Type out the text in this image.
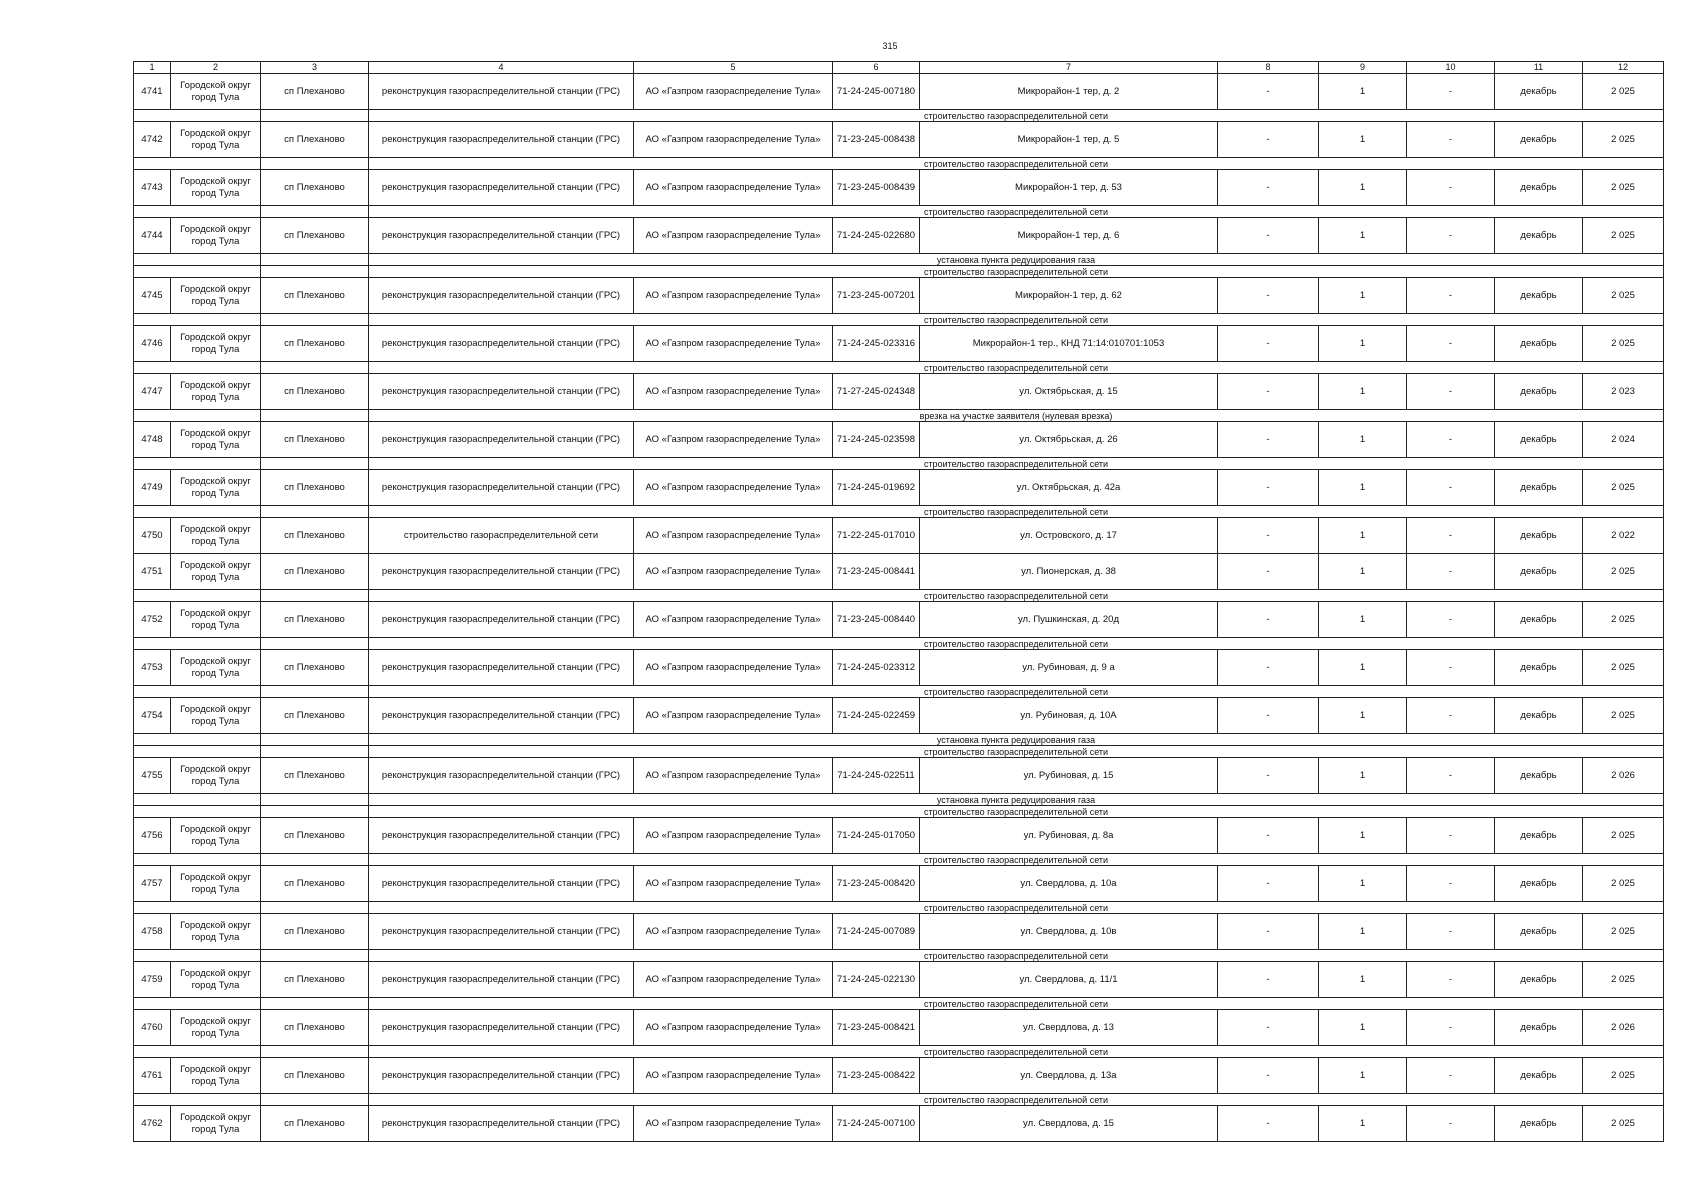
315
1	2	3	4	5	6	7	8	9	10	11	12
4741	Городской округ город Тула	сп Плеханово	реконструкция газораспределительной станции (ГРС)	АО «Газпром газораспределение Тула»	71-24-245-007180	Микрорайон-1 тер, д. 2	-	1	-	декабрь	2 025
			строительство газораспределительной сети								
4742	Городской округ город Тула	сп Плеханово	реконструкция газораспределительной станции (ГРС)	АО «Газпром газораспределение Тула»	71-23-245-008438	Микрорайон-1 тер, д. 5	-	1	-	декабрь	2 025
			строительство газораспределительной сети								
4743	Городской округ город Тула	сп Плеханово	реконструкция газораспределительной станции (ГРС)	АО «Газпром газораспределение Тула»	71-23-245-008439	Микрорайон-1 тер, д. 53	-	1	-	декабрь	2 025
			строительство газораспределительной сети								
4744	Городской округ город Тула	сп Плеханово	реконструкция газораспределительной станции (ГРС)	АО «Газпром газораспределение Тула»	71-24-245-022680	Микрорайон-1 тер, д. 6	-	1	-	декабрь	2 025
			установка пункта редуцирования газа								
			строительство газораспределительной сети								
4745	Городской округ город Тула	сп Плеханово	реконструкция газораспределительной станции (ГРС)	АО «Газпром газораспределение Тула»	71-23-245-007201	Микрорайон-1 тер, д. 62	-	1	-	декабрь	2 025
			строительство газораспределительной сети								
4746	Городской округ город Тула	сп Плеханово	реконструкция газораспределительной станции (ГРС)	АО «Газпром газораспределение Тула»	71-24-245-023316	Микрорайон-1 тер., КНД 71:14:010701:1053	-	1	-	декабрь	2 025
			строительство газораспределительной сети								
4747	Городской округ город Тула	сп Плеханово	реконструкция газораспределительной станции (ГРС)	АО «Газпром газораспределение Тула»	71-27-245-024348	ул. Октябрьская, д. 15	-	1	-	декабрь	2 023
			врезка на участке заявителя (нулевая врезка)								
4748	Городской округ город Тула	сп Плеханово	реконструкция газораспределительной станции (ГРС)	АО «Газпром газораспределение Тула»	71-24-245-023598	ул. Октябрьская, д. 26	-	1	-	декабрь	2 024
			строительство газораспределительной сети								
4749	Городской округ город Тула	сп Плеханово	реконструкция газораспределительной станции (ГРС)	АО «Газпром газораспределение Тула»	71-24-245-019692	ул. Октябрьская, д. 42а	-	1	-	декабрь	2 025
			строительство газораспределительной сети								
4750	Городской округ город Тула	сп Плеханово	строительство газораспределительной сети	АО «Газпром газораспределение Тула»	71-22-245-017010	ул. Островского, д. 17	-	1	-	декабрь	2 022
4751	Городской округ город Тула	сп Плеханово	реконструкция газораспределительной станции (ГРС)	АО «Газпром газораспределение Тула»	71-23-245-008441	ул. Пионерская, д. 38	-	1	-	декабрь	2 025
			строительство газораспределительной сети								
4752	Городской округ город Тула	сп Плеханово	реконструкция газораспределительной станции (ГРС)	АО «Газпром газораспределение Тула»	71-23-245-008440	ул. Пушкинская, д. 20д	-	1	-	декабрь	2 025
			строительство газораспределительной сети								
4753	Городской округ город Тула	сп Плеханово	реконструкция газораспределительной станции (ГРС)	АО «Газпром газораспределение Тула»	71-24-245-023312	ул. Рубиновая, д. 9 а	-	1	-	декабрь	2 025
			строительство газораспределительной сети								
4754	Городской округ город Тула	сп Плеханово	реконструкция газораспределительной станции (ГРС)	АО «Газпром газораспределение Тула»	71-24-245-022459	ул. Рубиновая, д. 10А	-	1	-	декабрь	2 025
			установка пункта редуцирования газа								
			строительство газораспределительной сети								
4755	Городской округ город Тула	сп Плеханово	реконструкция газораспределительной станции (ГРС)	АО «Газпром газораспределение Тула»	71-24-245-022511	ул. Рубиновая, д. 15	-	1	-	декабрь	2 026
			установка пункта редуцирования газа								
			строительство газораспределительной сети								
4756	Городской округ город Тула	сп Плеханово	реконструкция газораспределительной станции (ГРС)	АО «Газпром газораспределение Тула»	71-24-245-017050	ул. Рубиновая, д. 8а	-	1	-	декабрь	2 025
			строительство газораспределительной сети								
4757	Городской округ город Тула	сп Плеханово	реконструкция газораспределительной станции (ГРС)	АО «Газпром газораспределение Тула»	71-23-245-008420	ул. Свердлова, д. 10а	-	1	-	декабрь	2 025
			строительство газораспределительной сети								
4758	Городской округ город Тула	сп Плеханово	реконструкция газораспределительной станции (ГРС)	АО «Газпром газораспределение Тула»	71-24-245-007089	ул. Свердлова, д. 10в	-	1	-	декабрь	2 025
			строительство газораспределительной сети								
4759	Городской округ город Тула	сп Плеханово	реконструкция газораспределительной станции (ГРС)	АО «Газпром газораспределение Тула»	71-24-245-022130	ул. Свердлова, д. 11/1	-	1	-	декабрь	2 025
			строительство газораспределительной сети								
4760	Городской округ город Тула	сп Плеханово	реконструкция газораспределительной станции (ГРС)	АО «Газпром газораспределение Тула»	71-23-245-008421	ул. Свердлова, д. 13	-	1	-	декабрь	2 026
			строительство газораспределительной сети								
4761	Городской округ город Тула	сп Плеханово	реконструкция газораспределительной станции (ГРС)	АО «Газпром газораспределение Тула»	71-23-245-008422	ул. Свердлова, д. 13а	-	1	-	декабрь	2 025
			строительство газораспределительной сети								
4762	Городской округ город Тула	сп Плеханово	реконструкция газораспределительной станции (ГРС)	АО «Газпром газораспределение Тула»	71-24-245-007100	ул. Свердлова, д. 15	-	1	-	декабрь	2 025
